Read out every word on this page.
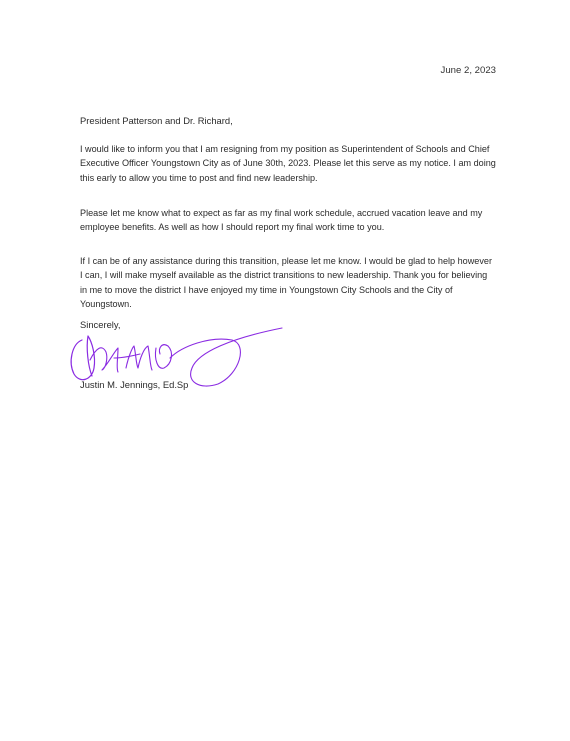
June 2, 2023
President Patterson and Dr. Richard,

I would like to inform you that I am resigning from my position as Superintendent of Schools and Chief Executive Officer Youngstown City as of June 30th, 2023. Please let this serve as my notice. I am doing this early to allow you time to post and find new leadership.

Please let me know what to expect as far as my final work schedule, accrued vacation leave and my employee benefits. As well as how I should report my final work time to you.

If I can be of any assistance during this transition, please let me know. I would be glad to help however I can, I will make myself available as the district transitions to new leadership. Thank you for believing in me to move the district I have enjoyed my time in Youngstown City Schools and the City of Youngstown.

Sincerely,
Justin M. Jennings, Ed.Sp
